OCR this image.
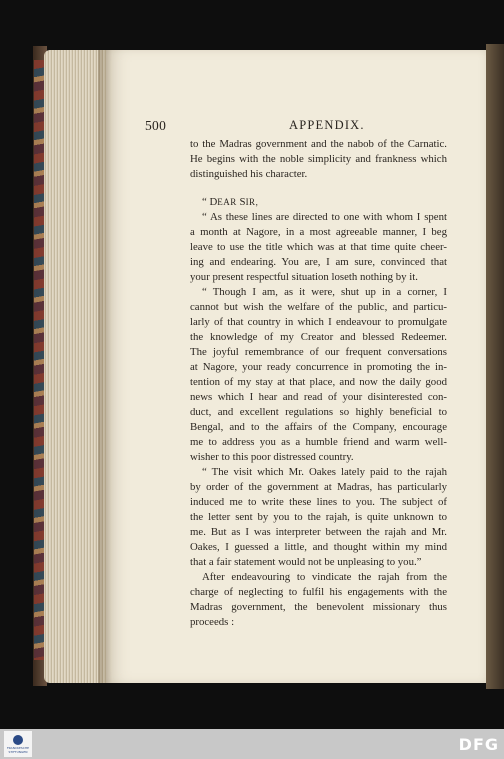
500	APPENDIX.
to the Madras government and the nabob of the Carnatic.
He begins with the noble simplicity and frankness which
distinguished his character.
“ DEAR SIR,
“ As these lines are directed to one with whom I spent
a month at Nagore, in a most agreeable manner, I beg
leave to use the title which was at that time quite cheer-
ing and endearing. You are, I am sure, convinced that
your present respectful situation loseth nothing by it.
“ Though I am, as it were, shut up in a corner, I
cannot but wish the welfare of the public, and particu-
larly of that country in which I endeavour to promulgate
the knowledge of my Creator and blessed Redeemer.
The joyful remembrance of our frequent conversations
at Nagore, your ready concurrence in promoting the in-
tention of my stay at that place, and now the daily good
news which I hear and read of your disinterested con-
duct, and excellent regulations so highly beneficial to
Bengal, and to the affairs of the Company, encourage
me to address you as a humble friend and warm well-
wisher to this poor distressed country.
“ The visit which Mr. Oakes lately paid to the rajah
by order of the government at Madras, has particularly
induced me to write these lines to you. The subject of
the letter sent by you to the rajah, is quite unknown to
me. But as I was interpreter between the rajah and Mr.
Oakes, I guessed a little, and thought within my mind
that a fair statement would not be unpleasing to you.”
After endeavouring to vindicate the rajah from the
charge of neglecting to fulfil his engagements with the
Madras government, the benevolent missionary thus
proceeds :
FRANCKESCHE STIFTUNGEN	DFG
